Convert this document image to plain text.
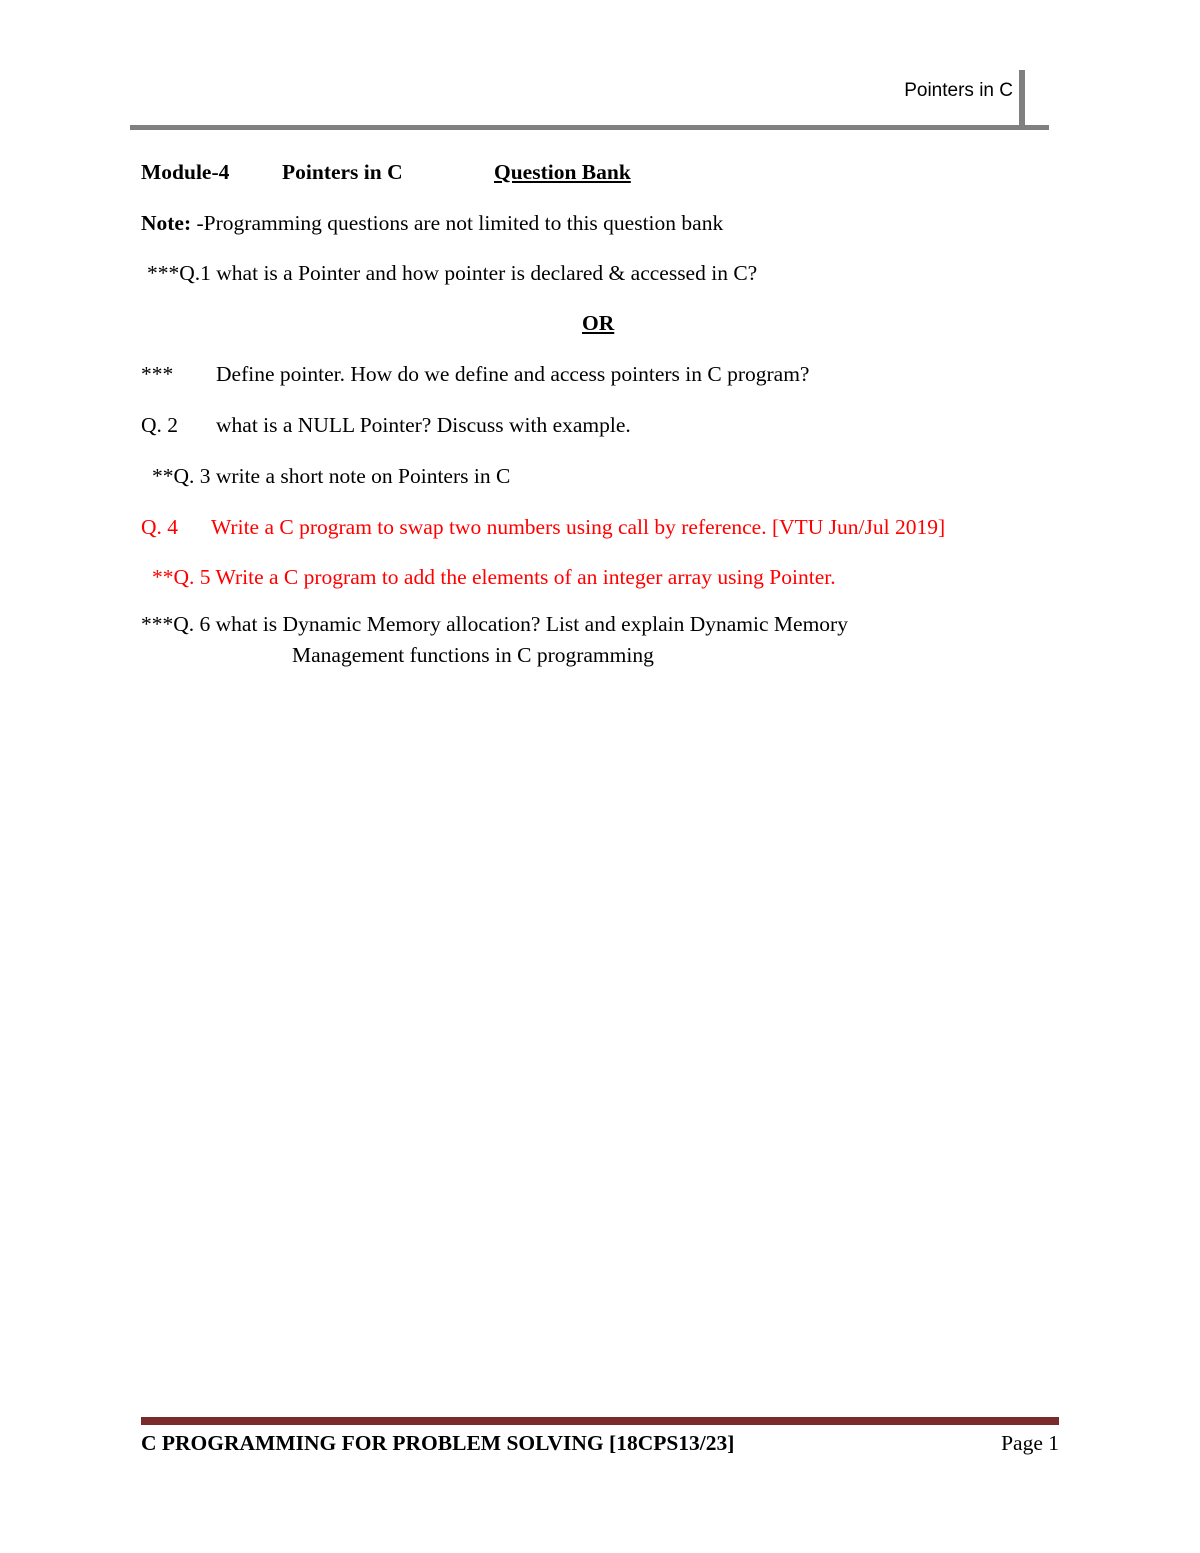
Pointers in C
Module-4 Pointers in C	Question Bank
Note: -Programming questions are not limited to this question bank
***Q.1 what is a Pointer and how pointer is declared & accessed in C?
OR
*** Define pointer. How do we define and access pointers in C program?
Q. 2 what is a NULL Pointer? Discuss with example.
**Q. 3 write a short note on Pointers in C
Q. 4 Write a C program to swap two numbers using call by reference. [VTU Jun/Jul 2019]
**Q. 5 Write a C program to add the elements of an integer array using Pointer.
***Q. 6 what is Dynamic Memory allocation? List and explain Dynamic Memory
Management functions in C programming
C PROGRAMMING FOR PROBLEM SOLVING [18CPS13/23]	Page 1
